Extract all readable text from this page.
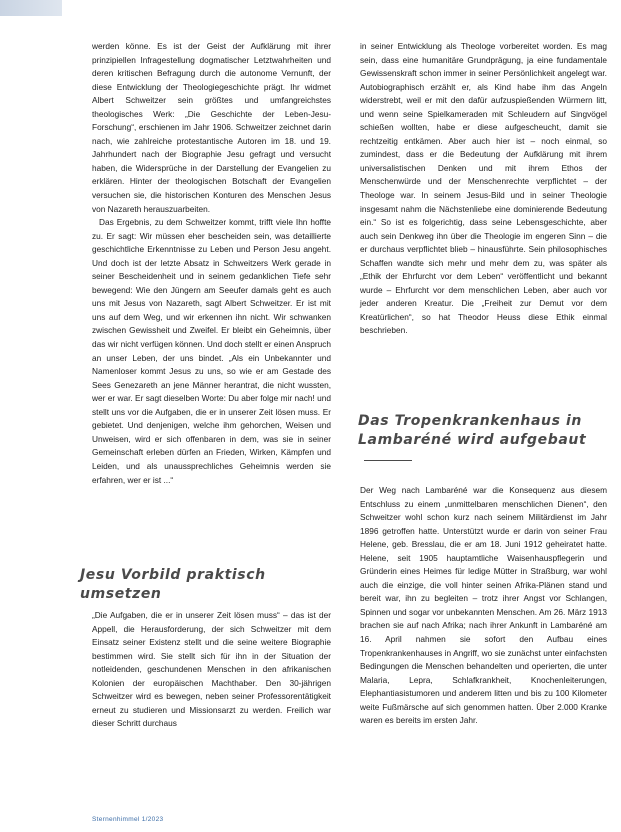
werden könne. Es ist der Geist der Aufklärung mit ihrer prinzipiellen Infragestellung dogmatischer Letztwahrheiten und deren kritischen Befragung durch die autonome Vernunft, der diese Entwicklung der Theologiegeschichte prägt. Ihr widmet Albert Schweitzer sein größtes und umfangreichstes theologisches Werk: „Die Geschichte der Leben-Jesu-Forschung“, erschienen im Jahr 1906. Schweitzer zeichnet darin nach, wie zahlreiche protestantische Autoren im 18. und 19. Jahrhundert nach der Biographie Jesu gefragt und versucht haben, die Widersprüche in der Darstellung der Evangelien zu erklären. Hinter der theologischen Botschaft der Evangelien versuchen sie, die historischen Konturen des Menschen Jesus von Nazareth herauszuarbeiten.

Das Ergebnis, zu dem Schweitzer kommt, trifft viele Ihn hoffte zu. Er sagt: Wir müssen eher bescheiden sein, was detaillierte geschichtliche Erkenntnisse zu Leben und Person Jesu angeht. Und doch ist der letzte Absatz in Schweitzers Werk gerade in seiner Bescheidenheit und in seinem gedanklichen Tiefe sehr bewegend: Wie den Jüngern am Seeufer damals geht es auch uns mit Jesus von Nazareth, sagt Albert Schweitzer. Er ist mit uns auf dem Weg, und wir erkennen ihn nicht. Wir schwanken zwischen Gewissheit und Zweifel. Er bleibt ein Geheimnis, über das wir nicht verfügen können. Und doch stellt er einen Anspruch an unser Leben, der uns bindet. „Als ein Unbekannter und Namenloser kommt Jesus zu uns, so wie er am Gestade des Sees Genezareth an jene Männer herantrat, die nicht wussten, wer er war. Er sagt dieselben Worte: Du aber folge mir nach! und stellt uns vor die Aufgaben, die er in unserer Zeit lösen muss. Er gebietet. Und denjenigen, welche ihm gehorchen, Weisen und Unweisen, wird er sich offenbaren in dem, was sie in seiner Gemeinschaft erleben dürfen an Frieden, Wirken, Kämpfen und Leiden, und als unaussprechliches Geheimnis werden sie erfahren, wer er ist ...“

Jesu Vorbild praktisch umsetzen

„Die Aufgaben, die er in unserer Zeit lösen muss“ – das ist der Appell, die Herausforderung, der sich Schweitzer mit dem Einsatz seiner Existenz stellt und die seine weitere Biographie bestimmen wird. Sie stellt sich für ihn in der Situation der notleidenden, geschundenen Menschen in den afrikanischen Kolonien der europäischen Machthaber. Den 30-jährigen Schweitzer wird es bewegen, neben seiner Professorentätigkeit erneut zu studieren und Missionsarzt zu werden. Freilich war dieser Schritt durchaus

in seiner Entwicklung als Theologe vorbereitet worden. Es mag sein, dass eine humanitäre Grundprägung, ja eine fundamentale Gewissenskraft schon immer in seiner Persönlichkeit angelegt war. Autobiographisch erzählt er, als Kind habe ihm das Angeln widerstrebt, weil er mit den dafür aufzuspießenden Würmern litt, und wenn seine Spielkameraden mit Schleudern auf Singvögel schießen wollten, habe er diese aufgescheucht, damit sie rechtzeitig entkämen. Aber auch hier ist – noch einmal, so zumindest, dass er die Bedeutung der Aufklärung mit ihrem universalistischen Denken und mit ihrem Ethos der Menschenwürde und der Menschenrechte verpflichtet – der Theologe war. In seinem Jesus-Bild und in seiner Theologie insgesamt nahm die Nächstenliebe eine dominierende Bedeutung ein.“ So ist es folgerichtig, dass seine Lebensgeschichte, aber auch sein Denkweg ihn über die Theologie im engeren Sinn – die er durchaus verpflichtet blieb – hinausführte. Sein philosophisches Schaffen wandte sich mehr und mehr dem zu, was später als „Ethik der Ehrfurcht vor dem Leben“ veröffentlicht und bekannt wurde – Ehrfurcht vor dem menschlichen Leben, aber auch vor jeder anderen Kreatur. Die „Freiheit zur Demut vor dem Kreatürlichen“, so hat Theodor Heuss diese Ethik einmal beschrieben.

Das Tropenkrankenhaus in Lambaréné wird aufgebaut

Der Weg nach Lambaréné war die Konsequenz aus diesem Entschluss zu einem „unmittelbaren menschlichen Dienen“, den Schweitzer wohl schon kurz nach seinem Militärdienst im Jahr 1896 getroffen hatte. Unterstützt wurde er darin von seiner Frau Helene, geb. Bresslau, die er am 18. Juni 1912 geheiratet hatte. Helene, seit 1905 hauptamtliche Waisenhauspflegerin und Gründerin eines Heimes für ledige Mütter in Straßburg, war wohl auch die einzige, die voll hinter seinen Afrika-Plänen stand und bereit war, ihn zu begleiten – trotz ihrer Angst vor Schlangen, Spinnen und sogar vor unbekannten Menschen. Am 26. März 1913 brachen sie auf nach Afrika; nach ihrer Ankunft in Lambaréné am 16. April nahmen sie sofort den Aufbau eines Tropenkrankenhauses in Angriff, wo sie zunächst unter einfachsten Bedingungen die Menschen behandelten und operierten, die unter Malaria, Lepra, Schlafkrankheit, Knochenleiterungen, Elephantiasistumoren und anderem litten und bis zu 100 Kilometer weite Fußmärsche auf sich genommen hatten. Über 2.000 Kranke waren es bereits im ersten Jahr.

Sternenhimmel 1/2023
